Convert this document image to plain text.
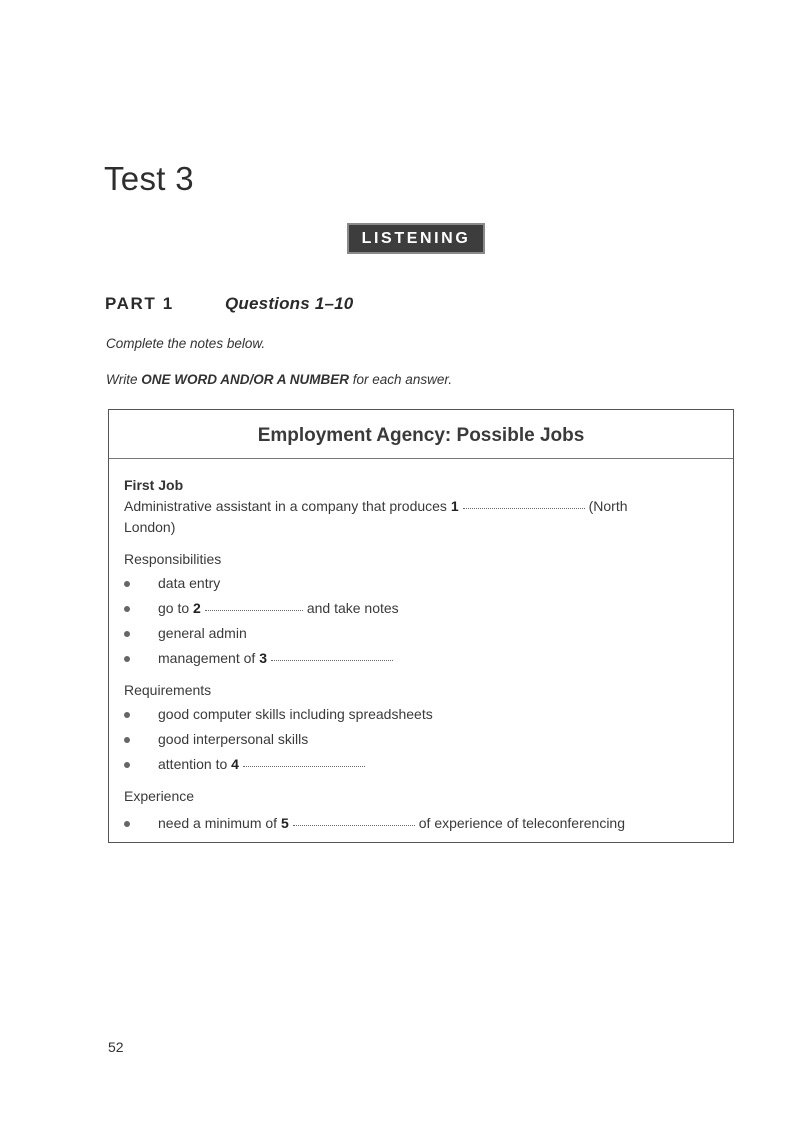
Test 3
LISTENING
PART 1	Questions 1–10
Complete the notes below.
Write ONE WORD AND/OR A NUMBER for each answer.
Employment Agency: Possible Jobs
First Job
Administrative assistant in a company that produces 1	(North
London)
Responsibilities
data entry
go to 2	and take notes
general admin
management of 3
Requirements
good computer skills including spreadsheets
good interpersonal skills
attention to 4
Experience
need a minimum of 5	of experience of teleconferencing
52
